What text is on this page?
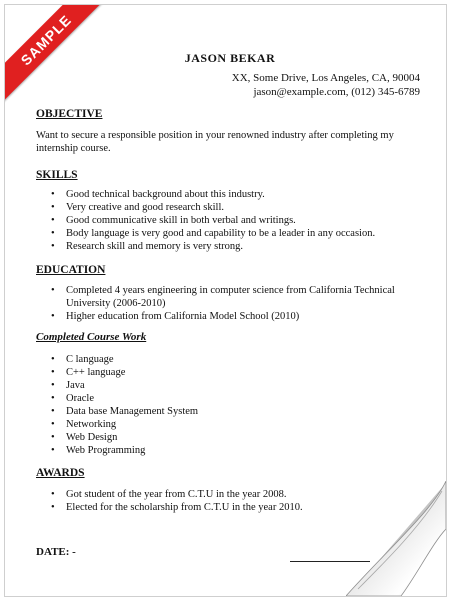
SAMPLE	JASON BEKAR
XX, Some Drive, Los Angeles, CA, 90004
jason@example.com, (012) 345-6789
OBJECTIVE
Want to secure a responsible position in your renowned industry after completing my internship course.
SKILLS
• Good technical background about this industry.
• Very creative and good research skill.
• Good communicative skill in both verbal and writings.
• Body language is very good and capability to be a leader in any occasion.
• Research skill and memory is very strong.
EDUCATION
• Completed 4 years engineering in computer science from California Technical University (2006-2010)
• Higher education from California Model School (2010)
Completed Course Work
• C language
• C++ language
• Java
• Oracle
• Data base Management System
• Networking
• Web Design
• Web Programming
AWARDS
• Got student of the year from C.T.U in the year 2008.
• Elected for the scholarship from C.T.U in the year 2010.
DATE: -
